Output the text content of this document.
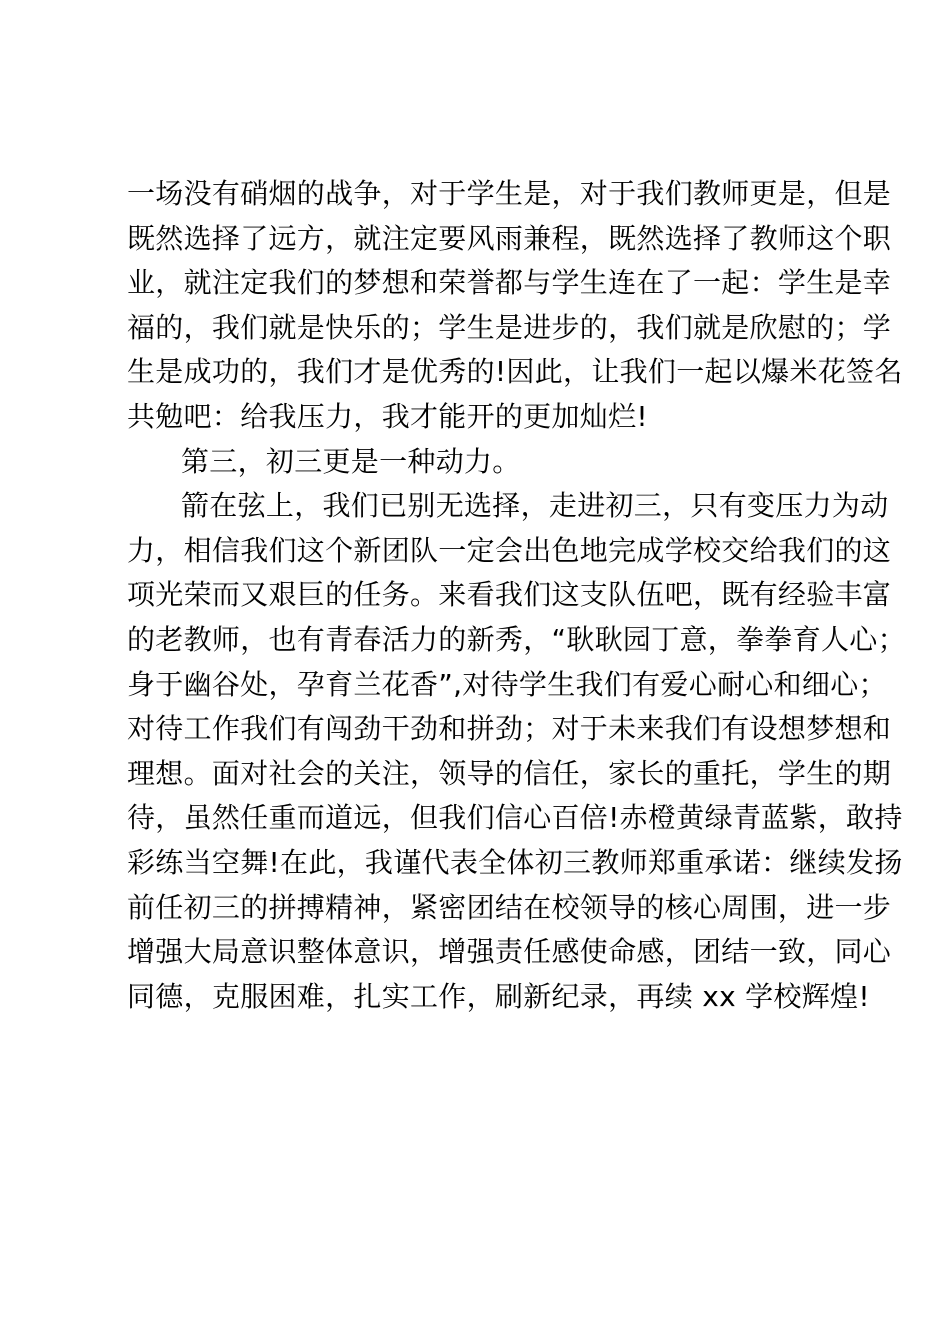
一场没有硝烟的战争，对于学生是，对于我们教师更是，但是
既然选择了远方，就注定要风雨兼程，既然选择了教师这个职
业，就注定我们的梦想和荣誉都与学生连在了一起：学生是幸
福的，我们就是快乐的；学生是进步的，我们就是欣慰的；学
生是成功的，我们才是优秀的!因此，让我们一起以爆米花签名
共勉吧：给我压力，我才能开的更加灿烂!
第三，初三更是一种动力。
箭在弦上，我们已别无选择，走进初三，只有变压力为动
力，相信我们这个新团队一定会出色地完成学校交给我们的这
项光荣而又艰巨的任务。来看我们这支队伍吧，既有经验丰富
的老教师，也有青春活力的新秀，“耿耿园丁意，拳拳育人心；
身于幽谷处，孕育兰花香”,对待学生我们有爱心耐心和细心；
对待工作我们有闯劲干劲和拼劲；对于未来我们有设想梦想和
理想。面对社会的关注，领导的信任，家长的重托，学生的期
待，虽然任重而道远，但我们信心百倍!赤橙黄绿青蓝紫，敢持
彩练当空舞!在此，我谨代表全体初三教师郑重承诺：继续发扬
前任初三的拼搏精神，紧密团结在校领导的核心周围，进一步
增强大局意识整体意识，增强责任感使命感，团结一致，同心
同德，克服困难，扎实工作，刷新纪录，再续 xx 学校辉煌!
